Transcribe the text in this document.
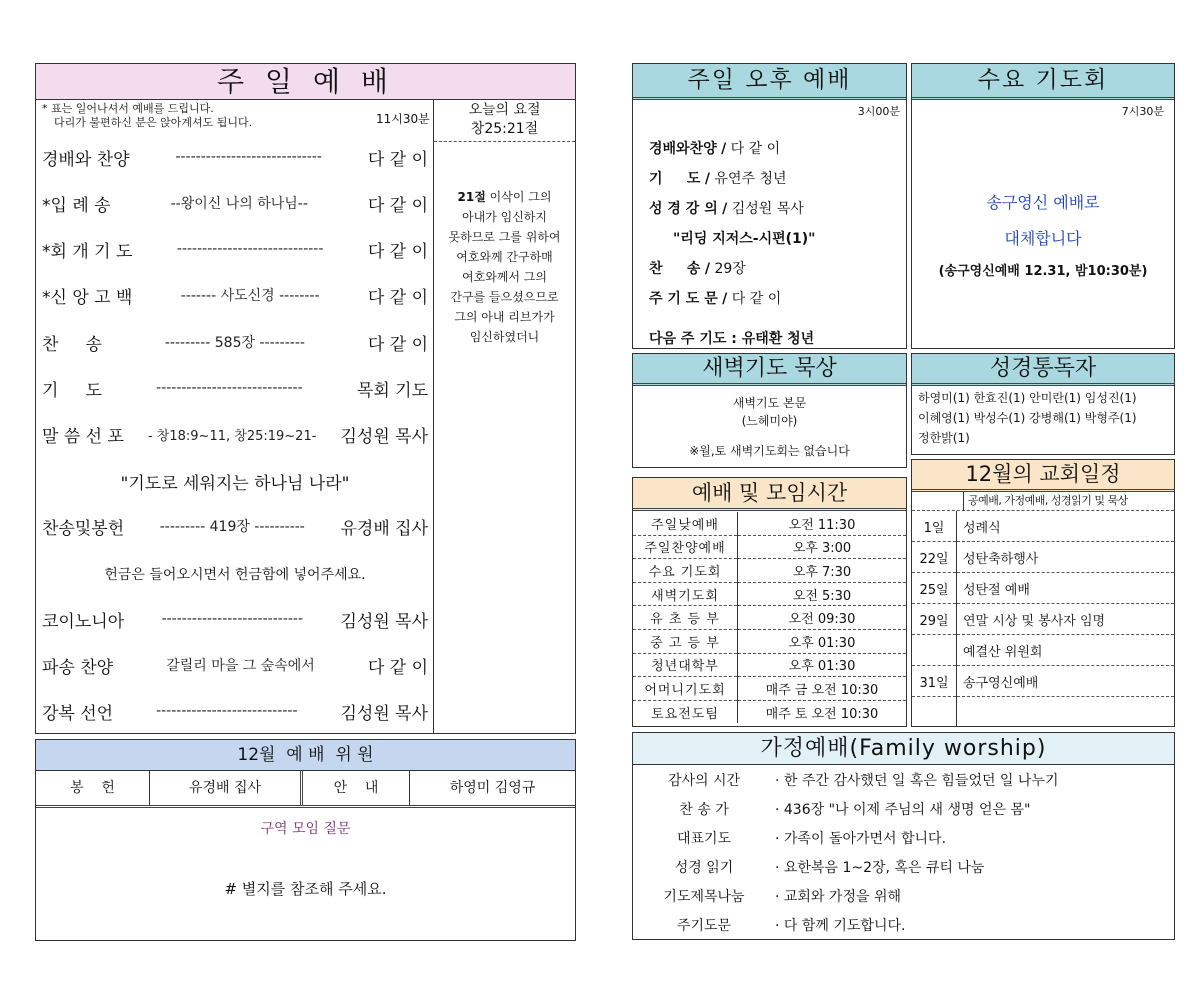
주 일 예 배
* 표는 일어나셔서 예배를 드립니다.
다리가 불편하신 분은 앉아계셔도 됩니다.	11시30분
오늘의 요절
창25:21절
21절 이삭이 그의
아내가 임신하지
못하므로 그를 위하여
여호와께 간구하매
여호와께서 그의
간구를 들으셨으므로
그의 아내 리브가가
임신하였더니
경배와 찬양	-----------------------------	다 같 이
*입 례 송	--왕이신 나의 하나님--	다 같 이
*회 개 기 도	-----------------------------	다 같 이
*신 앙 고 백	------- 사도신경 --------	다 같 이
찬     송	--------- 585장 ---------	다 같 이
기     도	-----------------------------	목회 기도
말 씀 선 포	- 창18:9~11, 창25:19~21-	김성원 목사
"기도로 세워지는 하나님 나라"
찬송및봉헌	--------- 419장 ----------	유경배 집사
헌금은 들어오시면서 헌금함에 넣어주세요.
코이노니아	----------------------------	김성원 목사
파송 찬양	갈릴리 마을 그 숲속에서	다 같 이
강복 선언	----------------------------	김성원 목사
12월  예 배  위 원
봉    헌	유경배 집사	안    내	하영미 김영규
구역 모임 질문
# 별지를 참조해 주세요.
주일 오후 예배
3시00분
경배와찬양 / 다 같 이
기     도 / 유연주 청년
성 경 강 의 / 김성원 목사
"리딩 지저스-시편(1)"
찬     송 / 29장
주 기 도 문 / 다 같 이
다음 주 기도 : 유태환 청년
수요 기도회
7시30분
송구영신 예배로
대체합니다
(송구영신예배 12.31, 밤10:30분)
새벽기도 묵상
새벽기도 본문
(느헤미야)
※월,토 새벽기도회는 없습니다
성경통독자
하영미(1) 한효진(1) 안미란(1) 임성진(1)
이혜영(1) 박성수(1) 강병해(1) 박형주(1)
정한밝(1)
예배 및 모임시간
주일낮예배	오전 11:30
주일찬양예배	오후 3:00
수요 기도회	오후 7:30
새벽기도회	오전 5:30
유 초 등 부	오전 09:30
중 고 등 부	오후 01:30
청년대학부	오후 01:30
어머니기도회	매주 금 오전 10:30
토요전도팀	매주 토 오전 10:30
12월의 교회일정
공예배, 가정예배, 성경읽기 및 묵상
1일	성례식
22일	성탄축하행사
25일	성탄절 예배
29일	연말 시상 및 봉사자 임명
	예결산 위원회
31일	송구영신예배

가정예배(Family worship)
감사의 시간	· 한 주간 감사했던 일 혹은 힘들었던 일 나누기
찬 송 가	· 436장 "나 이제 주님의 새 생명 얻은 몸"
대표기도	· 가족이 돌아가면서 합니다.
성경 읽기	· 요한복음 1~2장, 혹은 큐티 나눔
기도제목나눔	· 교회와 가정을 위해
주기도문	· 다 함께 기도합니다.
